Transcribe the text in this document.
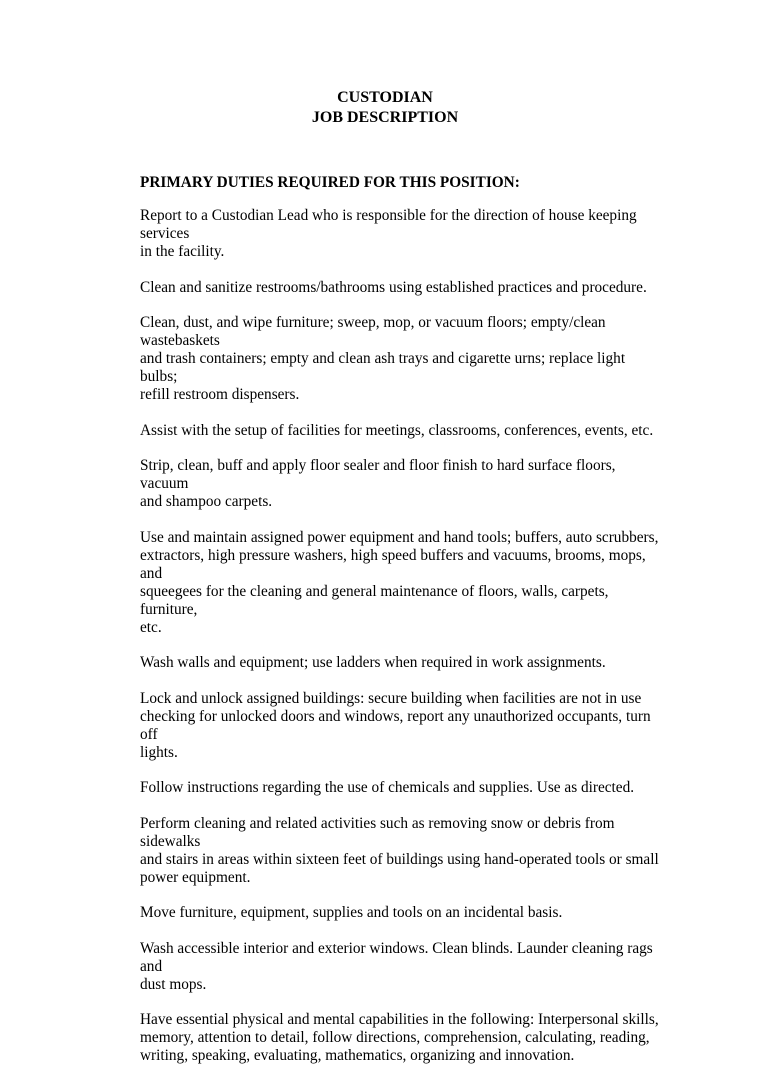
CUSTODIAN
JOB DESCRIPTION
PRIMARY DUTIES REQUIRED FOR THIS POSITION:

Report to a Custodian Lead who is responsible for the direction of house keeping services
in the facility.

Clean and sanitize restrooms/bathrooms using established practices and procedure.

Clean, dust, and wipe furniture; sweep, mop, or vacuum floors; empty/clean wastebaskets
and trash containers; empty and clean ash trays and cigarette urns; replace light bulbs;
refill restroom dispensers.

Assist with the setup of facilities for meetings, classrooms, conferences, events, etc.

Strip, clean, buff and apply floor sealer and floor finish to hard surface floors, vacuum
and shampoo carpets.

Use and maintain assigned power equipment and hand tools; buffers, auto scrubbers,
extractors, high pressure washers, high speed buffers and vacuums, brooms, mops, and
squeegees for the cleaning and general maintenance of floors, walls, carpets, furniture,
etc.

Wash walls and equipment; use ladders when required in work assignments.

Lock and unlock assigned buildings: secure building when facilities are not in use
checking for unlocked doors and windows, report any unauthorized occupants, turn off
lights.

Follow instructions regarding the use of chemicals and supplies. Use as directed.

Perform cleaning and related activities such as removing snow or debris from sidewalks
and stairs in areas within sixteen feet of buildings using hand-operated tools or small
power equipment.

Move furniture, equipment, supplies and tools on an incidental basis.

Wash accessible interior and exterior windows. Clean blinds. Launder cleaning rags and
dust mops.

Have essential physical and mental capabilities in the following: Interpersonal skills,
memory, attention to detail, follow directions, comprehension, calculating, reading,
writing, speaking, evaluating, mathematics, organizing and innovation.
